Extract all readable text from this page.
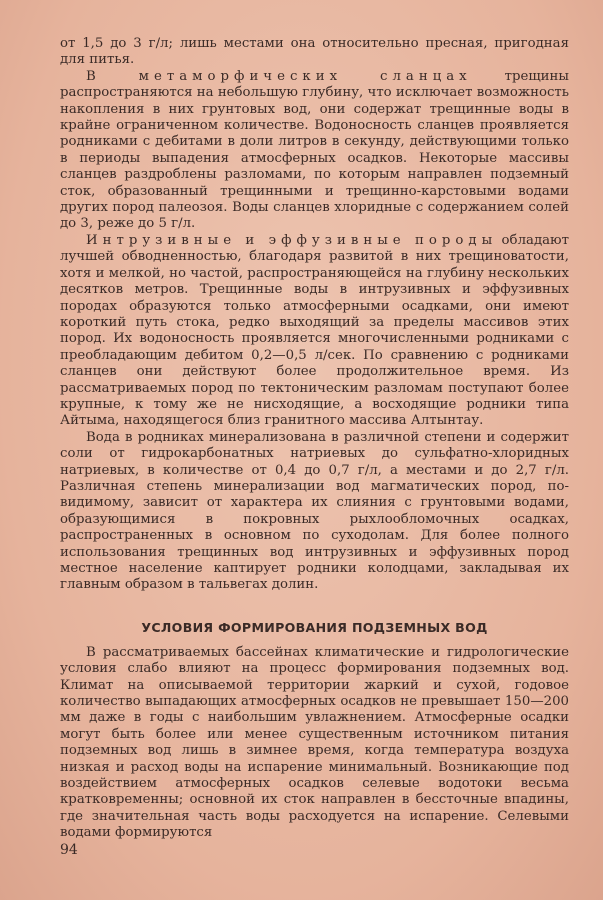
от 1,5 до 3 г/л; лишь местами она относительно пресная, пригодная для питья.

В метаморфических сланцах трещины распространяются на небольшую глубину, что исключает возможность накопления в них грунтовых вод, они содержат трещинные воды в крайне ограниченном количестве. Водоносность сланцев проявляется родниками с дебитами в доли литров в секунду, действующими только в периоды выпадения атмосферных осадков. Некоторые массивы сланцев раздроблены разломами, по которым направлен подземный сток, образованный трещинными и трещинно-карстовыми водами других пород палеозоя. Воды сланцев хлоридные с содержанием солей до 3, реже до 5 г/л.

Интрузивные и эффузивные породы обладают лучшей обводненностью, благодаря развитой в них трещиноватости, хотя и мелкой, но частой, распространяющейся на глубину нескольких десятков метров. Трещинные воды в интрузивных и эффузивных породах образуются только атмосферными осадками, они имеют короткий путь стока, редко выходящий за пределы массивов этих пород. Их водоносность проявляется многочисленными родниками с преобладающим дебитом 0,2—0,5 л/сек. По сравнению с родниками сланцев они действуют более продолжительное время. Из рассматриваемых пород по тектоническим разломам поступают более крупные, к тому же не нисходящие, а восходящие родники типа Айтыма, находящегося близ гранитного массива Алтынтау.

Вода в родниках минерализована в различной степени и содержит соли от гидрокарбонатных натриевых до сульфатно-хлоридных натриевых, в количестве от 0,4 до 0,7 г/л, а местами и до 2,7 г/л. Различная степень минерализации вод магматических пород, по-видимому, зависит от характера их слияния с грунтовыми водами, образующимися в покровных рыхлообломочных осадках, распространенных в основном по суходолам. Для более полного использования трещинных вод интрузивных и эффузивных пород местное население каптирует родники колодцами, закладывая их главным образом в тальвегах долин.

УСЛОВИЯ ФОРМИРОВАНИЯ ПОДЗЕМНЫХ ВОД

В рассматриваемых бассейнах климатические и гидрологические условия слабо влияют на процесс формирования подземных вод. Климат на описываемой территории жаркий и сухой, годовое количество выпадающих атмосферных осадков не превышает 150—200 мм даже в годы с наибольшим увлажнением. Атмосферные осадки могут быть более или менее существенным источником питания подземных вод лишь в зимнее время, когда температура воздуха низкая и расход воды на испарение минимальный. Возникающие под воздействием атмосферных осадков селевые водотоки весьма кратковременны; основной их сток направлен в бессточные впадины, где значительная часть воды расходуется на испарение. Селевыми водами формируются

94
